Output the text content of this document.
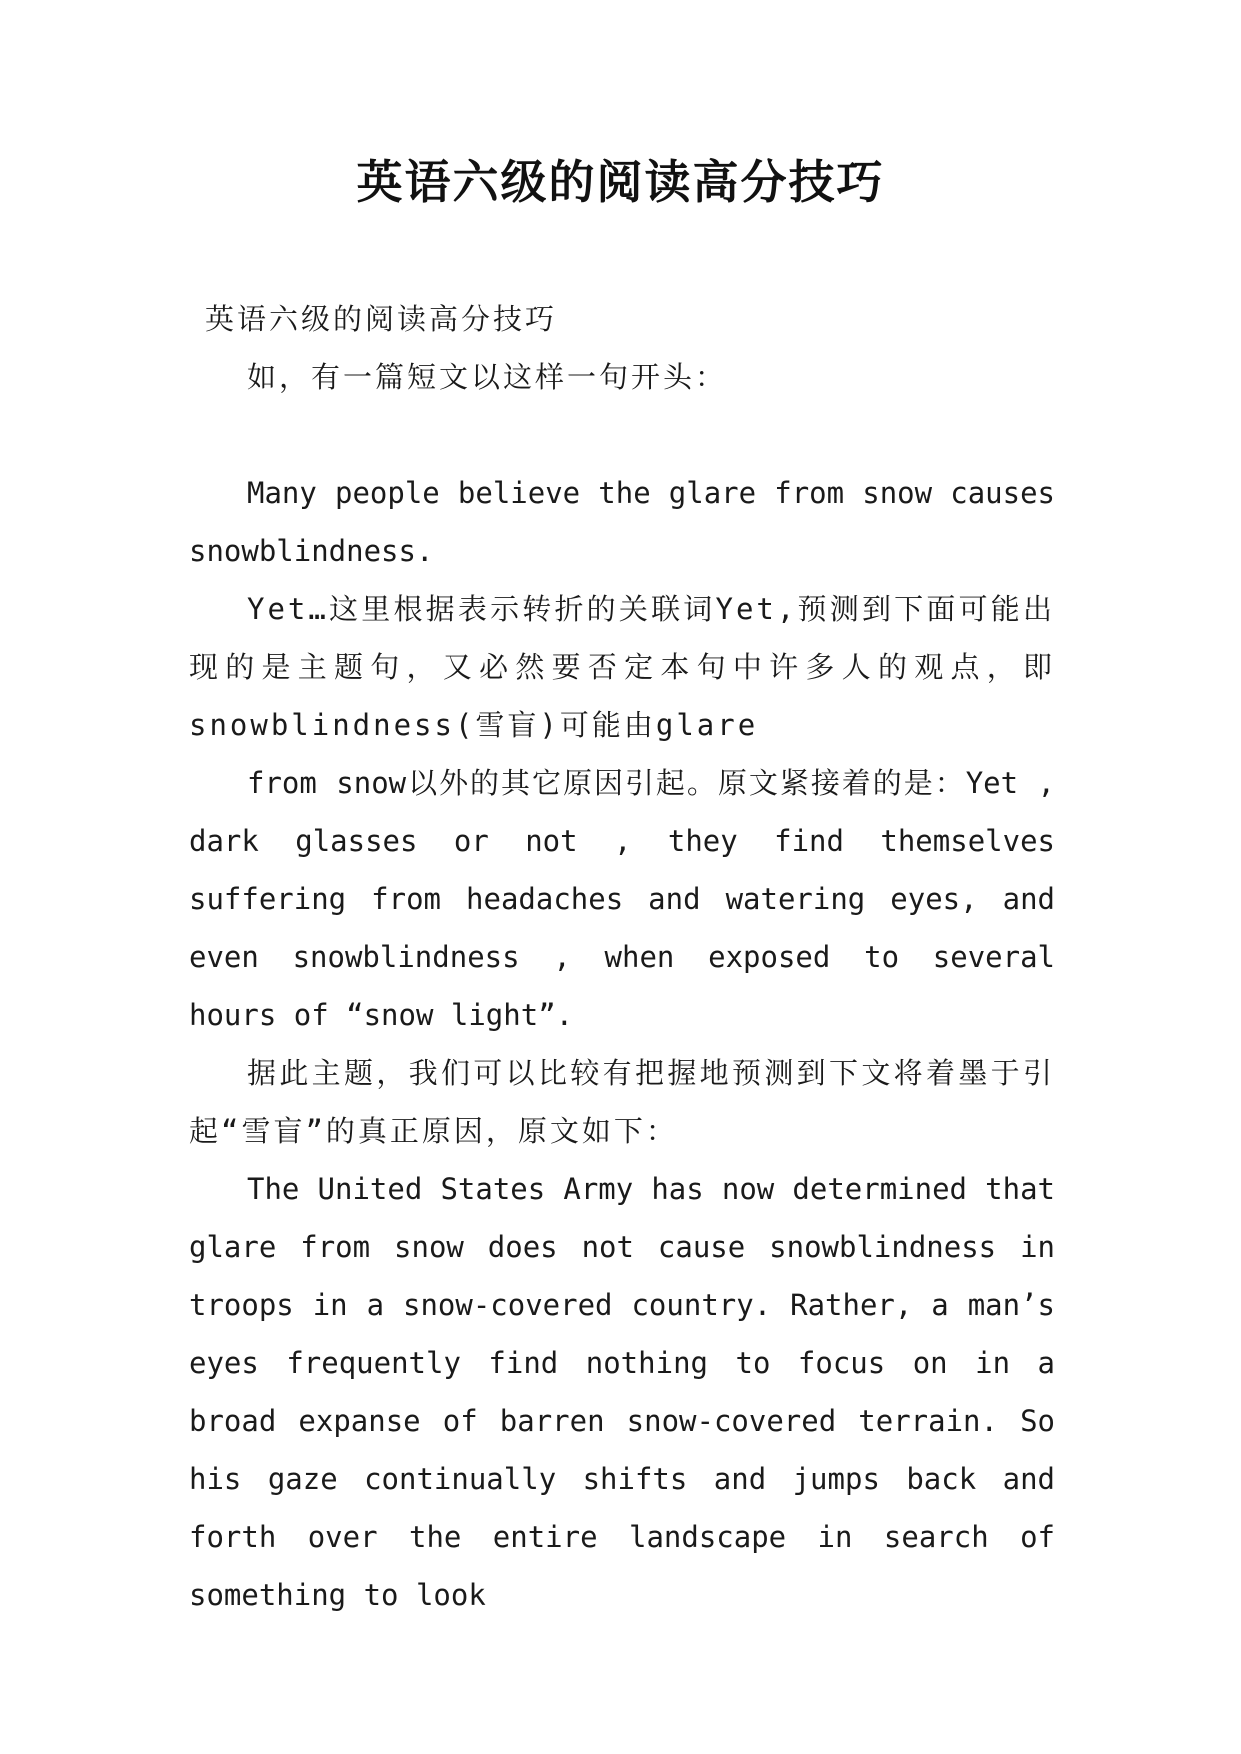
英语六级的阅读高分技巧

英语六级的阅读高分技巧

如，有一篇短文以这样一句开头：

Many people believe the glare from snow causes snowblindness.

Yet…这里根据表示转折的关联词Yet,预测到下面可能出现的是主题句，又必然要否定本句中许多人的观点，即snowblindness(雪盲)可能由glare

from snow以外的其它原因引起。原文紧接着的是：Yet , dark glasses or not , they find themselves suffering from headaches and watering eyes, and even snowblindness , when exposed to several hours of “snow light”.

据此主题，我们可以比较有把握地预测到下文将着墨于引起“雪盲”的真正原因，原文如下：

The United States Army has now determined that glare from snow does not cause snowblindness in troops in a snow-covered country. Rather, a man’s eyes frequently find nothing to focus on in a broad expanse of barren snow-covered terrain. So his gaze continually shifts and jumps back and forth over the entire landscape in search of something to look
